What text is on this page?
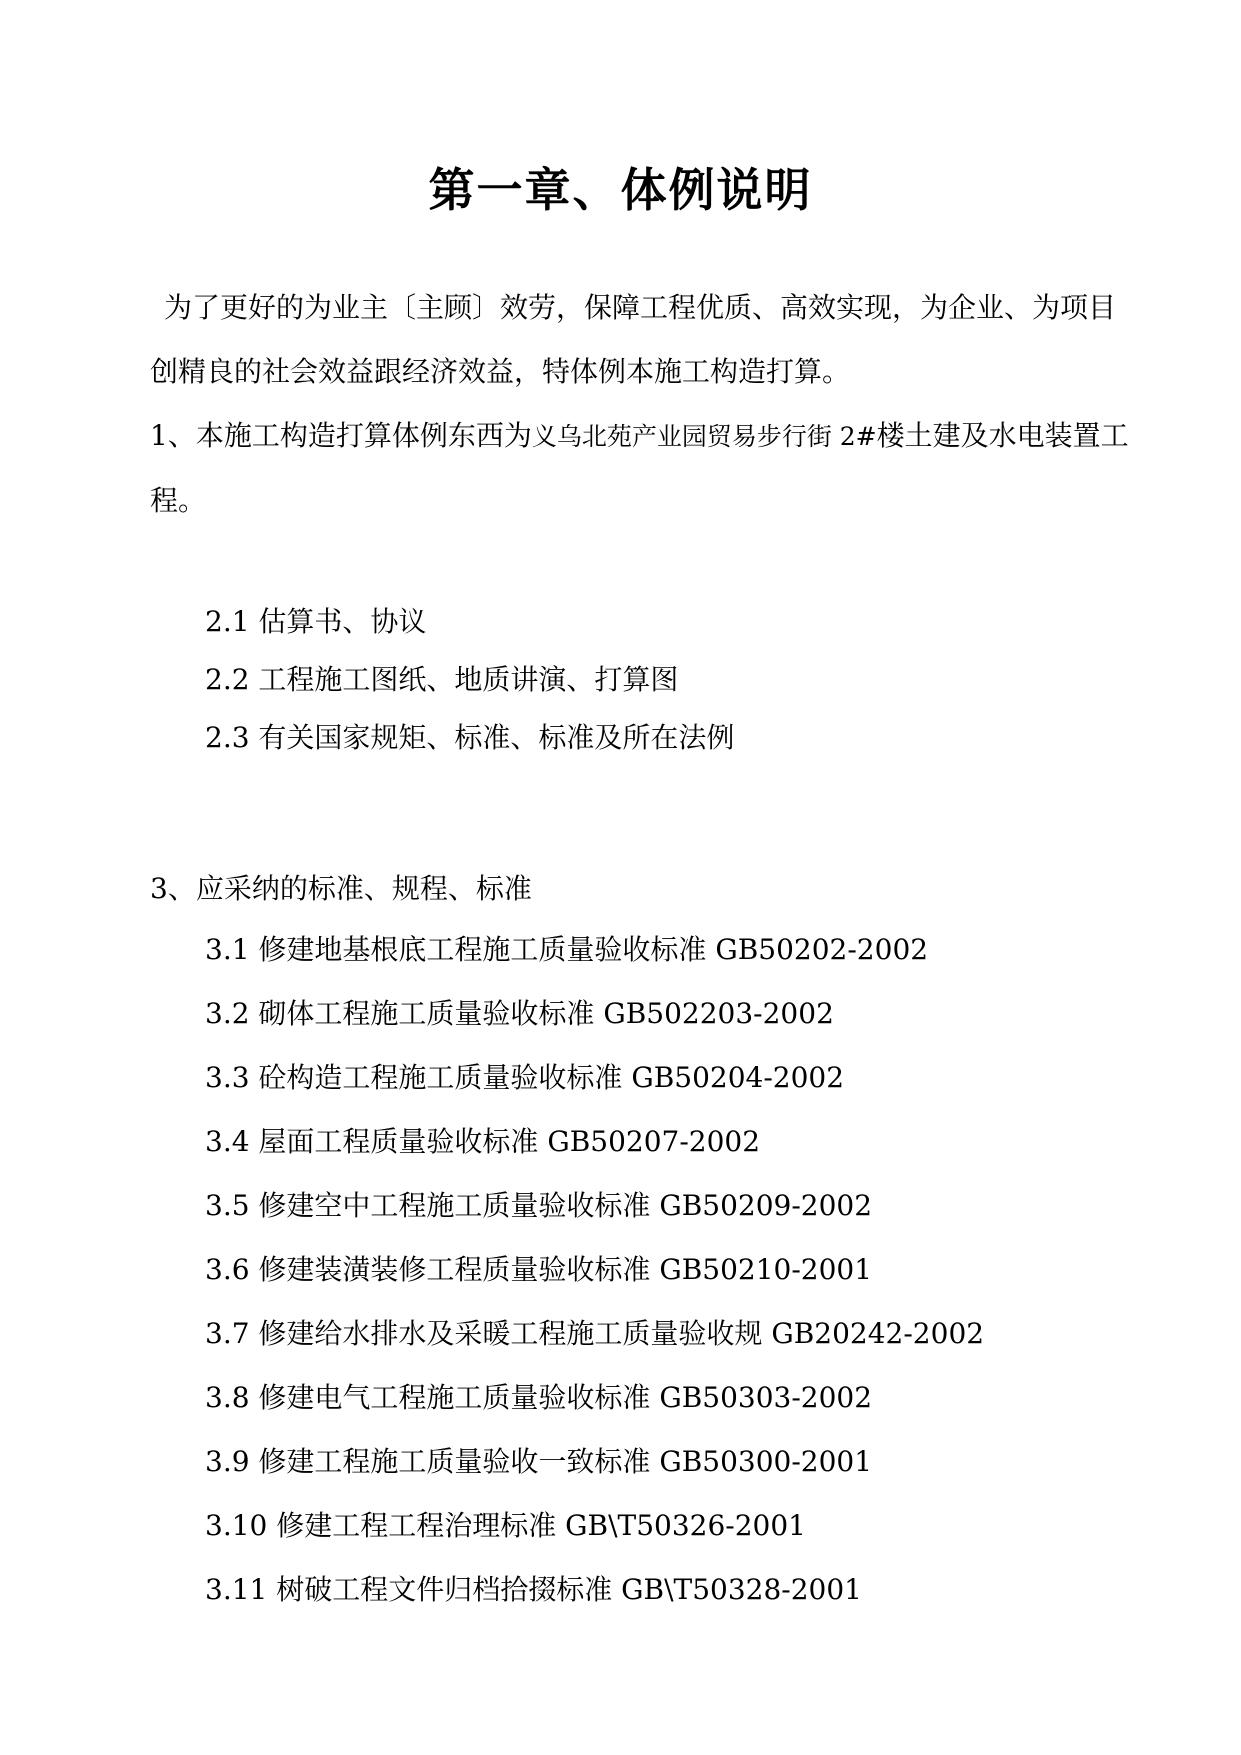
第一章、体例说明
为了更好的为业主〔主顾〕效劳，保障工程优质、高效实现，为企业、为项目创精良的社会效益跟经济效益，特体例本施工构造打算。
1、本施工构造打算体例东西为义乌北苑产业园贸易步行街 2#楼土建及水电装置工程。
2.1 估算书、协议
2.2 工程施工图纸、地质讲演、打算图
2.3 有关国家规矩、标准、标准及所在法例
3、应采纳的标准、规程、标准
3.1 修建地基根底工程施工质量验收标准 GB50202-2002
3.2 砌体工程施工质量验收标准 GB502203-2002
3.3 砼构造工程施工质量验收标准 GB50204-2002
3.4 屋面工程质量验收标准 GB50207-2002
3.5 修建空中工程施工质量验收标准 GB50209-2002
3.6 修建装潢装修工程质量验收标准 GB50210-2001
3.7 修建给水排水及采暖工程施工质量验收规 GB20242-2002
3.8 修建电气工程施工质量验收标准 GB50303-2002
3.9 修建工程施工质量验收一致标准 GB50300-2001
3.10 修建工程工程治理标准 GB\T50326-2001
3.11 树破工程文件归档拾掇标准 GB\T50328-2001
